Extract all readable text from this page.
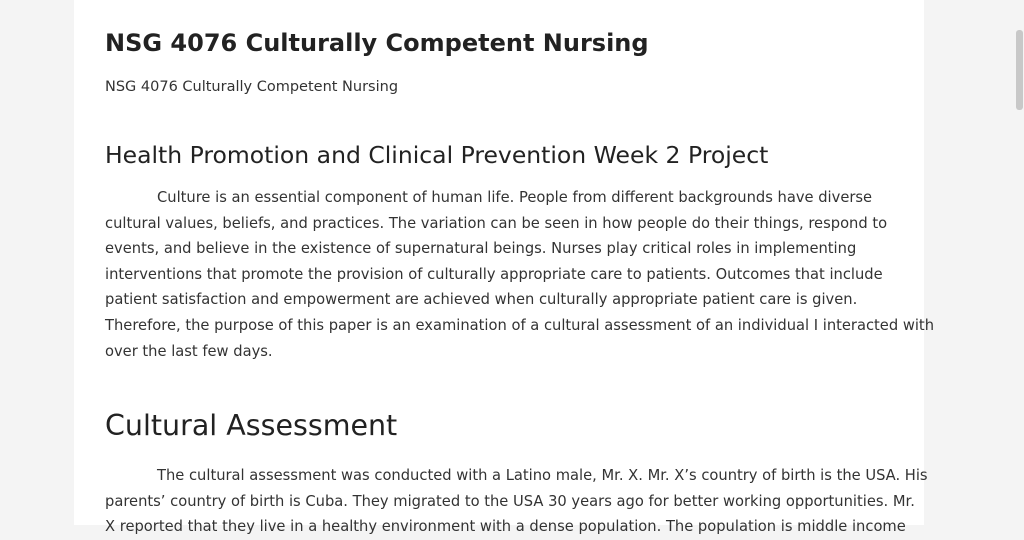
NSG 4076 Culturally Competent Nursing

NSG 4076 Culturally Competent Nursing

Health Promotion and Clinical Prevention Week 2 Project

Culture is an essential component of human life. People from different backgrounds have diverse
cultural values, beliefs, and practices. The variation can be seen in how people do their things, respond to
events, and believe in the existence of supernatural beings. Nurses play critical roles in implementing
interventions that promote the provision of culturally appropriate care to patients. Outcomes that include
patient satisfaction and empowerment are achieved when culturally appropriate patient care is given.
Therefore, the purpose of this paper is an examination of a cultural assessment of an individual I interacted with
over the last few days.

Cultural Assessment

The cultural assessment was conducted with a Latino male, Mr. X. Mr. X’s country of birth is the USA. His
parents’ country of birth is Cuba. They migrated to the USA 30 years ago for better working opportunities. Mr.
X reported that they live in a healthy environment with a dense population. The population is middle income
